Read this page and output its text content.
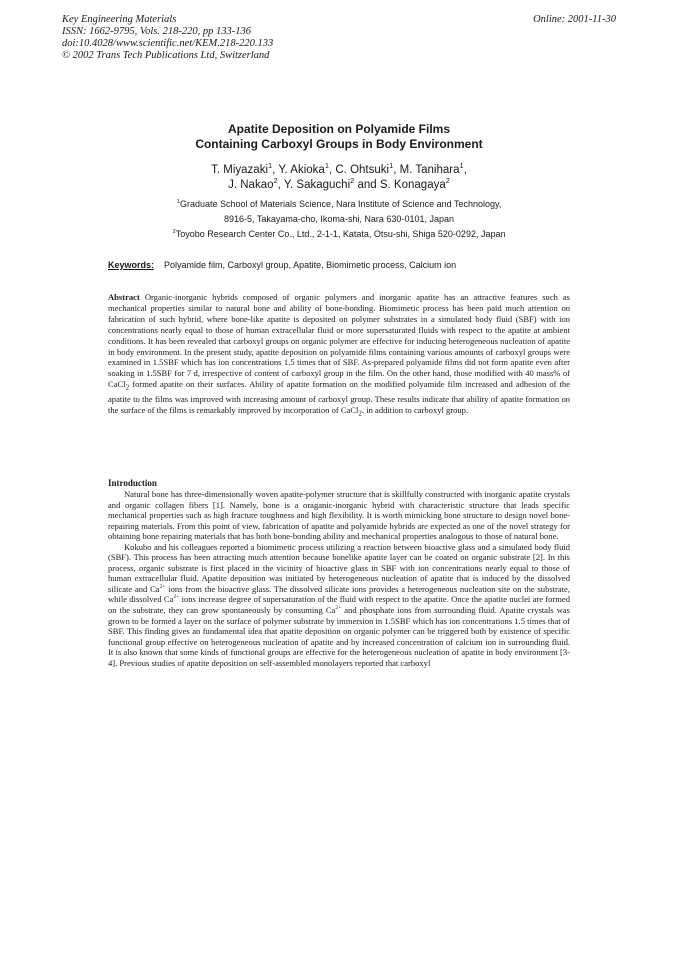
Key Engineering Materials
ISSN: 1662-9795, Vols. 218-220, pp 133-136
doi:10.4028/www.scientific.net/KEM.218-220.133
© 2002 Trans Tech Publications Ltd, Switzerland
Online: 2001-11-30
Apatite Deposition on Polyamide Films
Containing Carboxyl Groups in Body Environment
T. Miyazaki$^1$, Y. Akioka$^1$, C. Ohtsuki$^1$, M. Tanihara$^1$,
J. Nakao$^2$, Y. Sakaguchi$^2$ and S. Konagaya$^2$
$^1$Graduate School of Materials Science, Nara Institute of Science and Technology,
8916-5, Takayama-cho, Ikoma-shi, Nara 630-0101, Japan
$^2$Toyobo Research Center Co., Ltd., 2-1-1, Katata, Otsu-shi, Shiga 520-0292, Japan
Keywords: Polyamide film, Carboxyl group, Apatite, Biomimetic process, Calcium ion

Abstract Organic-inorganic hybrids composed of organic polymers and inorganic apatite has an attractive features such as mechanical properties similar to natural bone and ability of bone-bonding. Biomimetic process has been paid much attention on fabrication of such hybrid, where bone-like apatite is deposited on polymer substrates in a simulated body fluid (SBF) with ion concentrations nearly equal to those of human extracellular fluid or more supersaturated fluids with respect to the apatite at ambient conditions. It has been revealed that carboxyl groups on organic polymer are effective for inducing heterogeneous nucleation of apatite in body environment. In the present study, apatite deposition on polyamide films containing various amounts of carboxyl groups were examined in 1.5SBF which has ion concentrations 1.5 times that of SBF. As-prepared polyamide films did not form apatite even after soaking in 1.5SBF for 7 d, irrespective of content of carboxyl group in the film. On the other hand, those modified with 40 mass% of CaCl$_2$ formed apatite on their surfaces. Ability of apatite formation on the modified polyamide film increased and adhesion of the apatite to the films was improved with increasing amount of carboxyl group. These results indicate that ability of apatite formation on the surface of the films is remarkably improved by incorporation of CaCl$_2$. in addition to carboxyl group.

Introduction

Natural bone has three-dimensionally woven apatite-polymer structure that is skillfully constructed with inorganic apatite crystals and organic collagen fibers [1]. Namely, bone is a oraganic-inorganic hybrid with characteristic structure that leads specific mechanical properties such as high fracture toughness and high flexibility. It is worth mimicking bone structure to design novel bone-repairing materials. From this point of view, fabrication of apatite and polyamide hybrids are expected as one of the novel strategy for obtaining bone repairing materials that has both bone-bonding ability and mechanical properties analogous to those of natural bone.

Kokubo and his colleagues reported a biomimetic process utilizing a reaction between bioactive glass and a simulated body fluid (SBF). This process has been attracting much attention because bonelike apatite layer can be coated on organic substrate [2]. In this process, organic substrate is first placed in the vicinity of bioactive glass in SBF with ion concentrations nearly equal to those of human extracellular fluid. Apatite deposition was initiated by heterogeneous nucleation of apatite that is induced by the dissolved silicate and $Ca^{2+}$ ions from the bioactive glass. The dissolved silicate ions provides a heterogeneous nucleation site on the substrate, while dissolved $Ca^{2+}$ ions increase degree of supersaturation of the fluid with respect to the apatite. Once the apatite nuclei are formed on the substrate, they can grow spontaneously by consuming $Ca^{2+}$ and phosphate ions from surrounding fluid. Apatite crystals was grown to be formed a layer on the surface of polymer substrate by immersion in 1.5SBF which has ion concentrations 1.5 times that of SBF. This finding gives an fundamental idea that apatite deposition on organic polymer can be triggered both by existence of specific functional group effective on heterogeneous nucleation of apatite and by increased concentration of calcium ion in surrounding fluid. It is also known that some kinds of functional groups are effective for the heterogeneous nucleation of apatite in body environment [3-4]. Previous studies of apatite deposition on self-assembled monolayers reported that carboxyl
